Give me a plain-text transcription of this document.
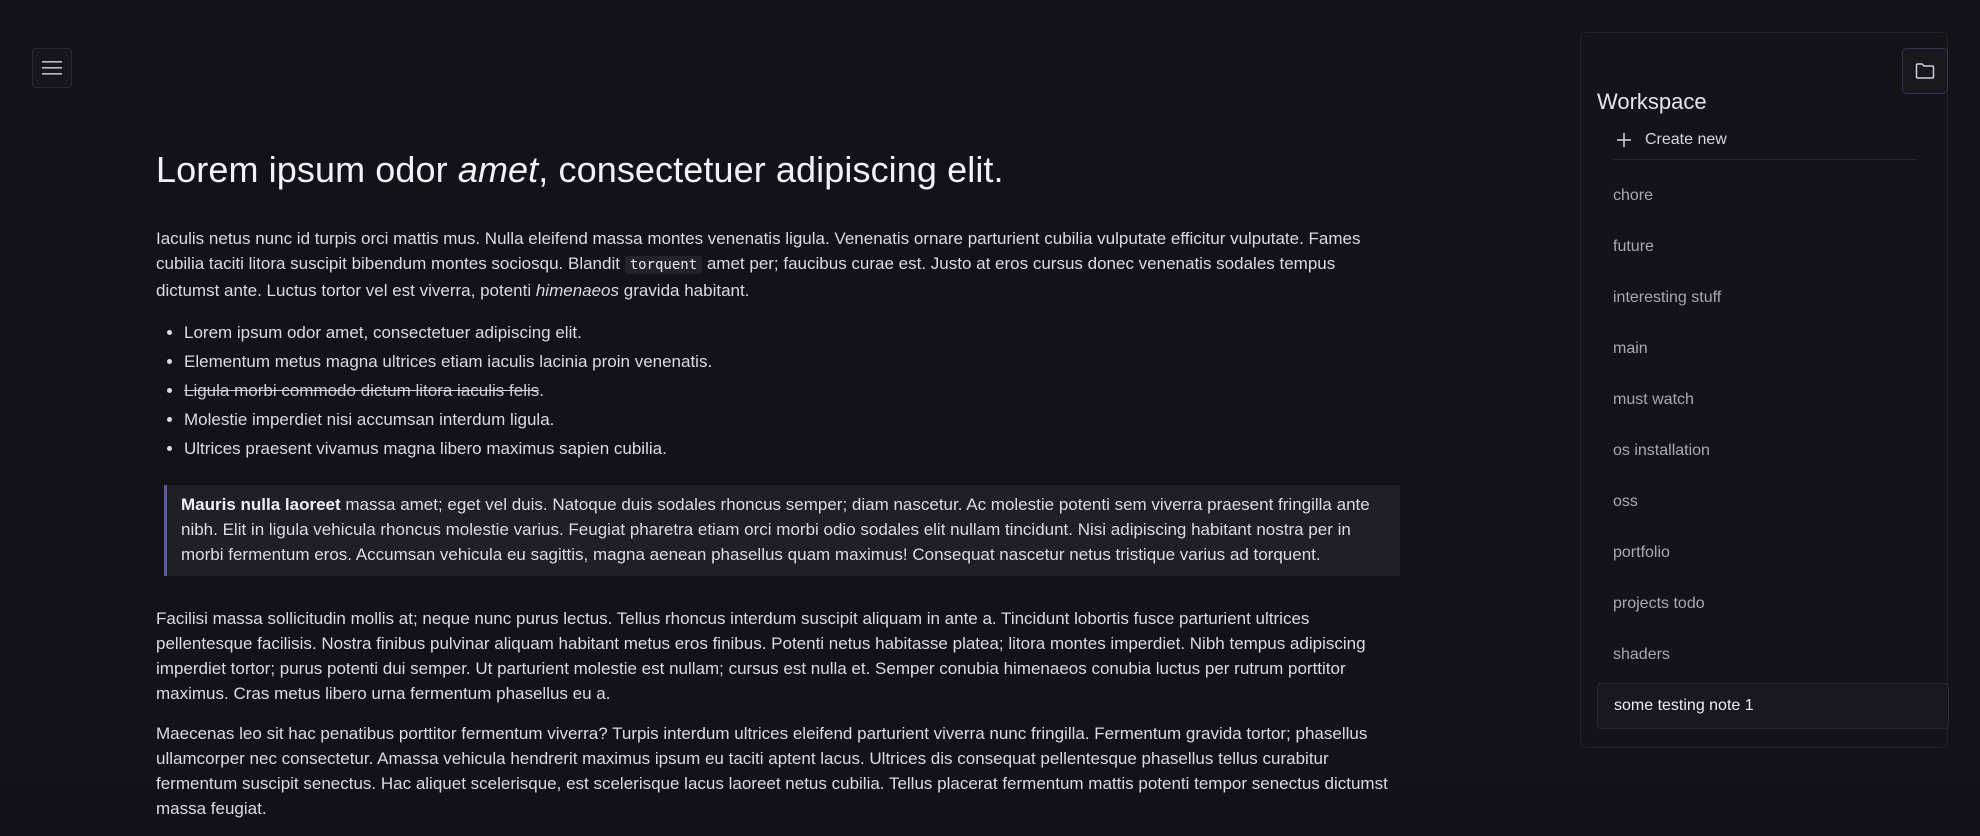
Lorem ipsum odor amet, consectetuer adipiscing elit.

Iaculis netus nunc id turpis orci mattis mus. Nulla eleifend massa montes venenatis ligula. Venenatis ornare parturient cubilia vulputate efficitur vulputate. Fames cubilia taciti litora suscipit bibendum montes sociosqu. Blandit torquent amet per; faucibus curae est. Justo at eros cursus donec venenatis sodales tempus dictumst ante. Luctus tortor vel est viverra, potenti himenaeos gravida habitant.

• Lorem ipsum odor amet, consectetuer adipiscing elit.
• Elementum metus magna ultrices etiam iaculis lacinia proin venenatis.
• Ligula morbi commodo dictum litora iaculis felis.
• Molestie imperdiet nisi accumsan interdum ligula.
• Ultrices praesent vivamus magna libero maximus sapien cubilia.
Mauris nulla laoreet massa amet; eget vel duis. Natoque duis sodales rhoncus semper; diam nascetur. Ac molestie potenti sem viverra praesent fringilla ante nibh. Elit in ligula vehicula rhoncus molestie varius. Feugiat pharetra etiam orci morbi odio sodales elit nullam tincidunt. Nisi adipiscing habitant nostra per in morbi fermentum eros. Accumsan vehicula eu sagittis, magna aenean phasellus quam maximus! Consequat nascetur netus tristique varius ad torquent.

Facilisi massa sollicitudin mollis at; neque nunc purus lectus. Tellus rhoncus interdum suscipit aliquam in ante a. Tincidunt lobortis fusce parturient ultrices pellentesque facilisis. Nostra finibus pulvinar aliquam habitant metus eros finibus. Potenti netus habitasse platea; litora montes imperdiet. Nibh tempus adipiscing imperdiet tortor; purus potenti dui semper. Ut parturient molestie est nullam; cursus est nulla et. Semper conubia himenaeos conubia luctus per rutrum porttitor maximus. Cras metus libero urna fermentum phasellus eu a.

Maecenas leo sit hac penatibus porttitor fermentum viverra? Turpis interdum ultrices eleifend parturient viverra nunc fringilla. Fermentum gravida tortor; phasellus ullamcorper nec consectetur. Amassa vehicula hendrerit maximus ipsum eu taciti aptent lacus. Ultrices dis consequat pellentesque phasellus tellus curabitur fermentum suscipit senectus. Hac aliquet scelerisque, est scelerisque lacus laoreet netus cubilia. Tellus placerat fermentum mattis potenti tempor senectus dictumst massa feugiat.

Workspace
Create new
chore
future
interesting stuff
main
must watch
os installation
oss
portfolio
projects todo
shaders
some testing note 1
